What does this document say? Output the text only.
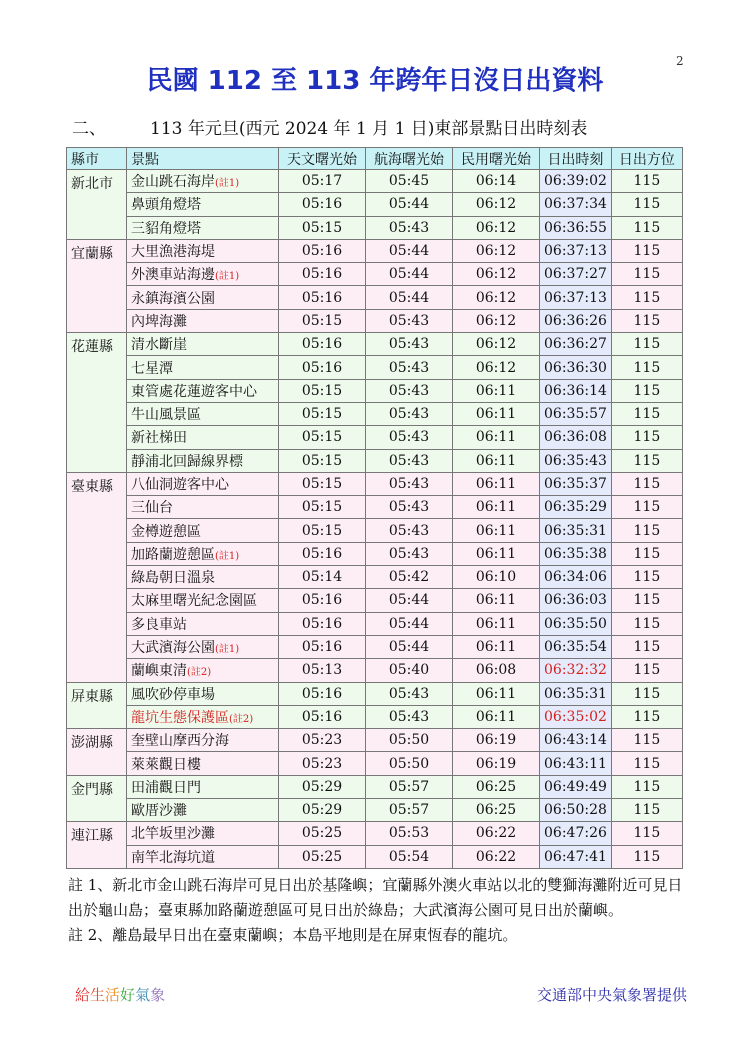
2
民國 112 至 113 年跨年日沒日出資料
二、	113 年元旦(西元 2024 年 1 月 1 日)東部景點日出時刻表
縣市	景點	天文曙光始	航海曙光始	民用曙光始	日出時刻	日出方位
新北市	金山跳石海岸(註1)	05:17	05:45	06:14	06:39:02	115
	鼻頭角燈塔	05:16	05:44	06:12	06:37:34	115
	三貂角燈塔	05:15	05:43	06:12	06:36:55	115
宜蘭縣	大里漁港海堤	05:16	05:44	06:12	06:37:13	115
	外澳車站海邊(註1)	05:16	05:44	06:12	06:37:27	115
	永鎮海濱公園	05:16	05:44	06:12	06:37:13	115
	內埤海灘	05:15	05:43	06:12	06:36:26	115
花蓮縣	清水斷崖	05:16	05:43	06:12	06:36:27	115
	七星潭	05:16	05:43	06:12	06:36:30	115
	東管處花蓮遊客中心	05:15	05:43	06:11	06:36:14	115
	牛山風景區	05:15	05:43	06:11	06:35:57	115
	新社梯田	05:15	05:43	06:11	06:36:08	115
	靜浦北回歸線界標	05:15	05:43	06:11	06:35:43	115
臺東縣	八仙洞遊客中心	05:15	05:43	06:11	06:35:37	115
	三仙台	05:15	05:43	06:11	06:35:29	115
	金樽遊憩區	05:15	05:43	06:11	06:35:31	115
	加路蘭遊憩區(註1)	05:16	05:43	06:11	06:35:38	115
	綠島朝日溫泉	05:14	05:42	06:10	06:34:06	115
	太麻里曙光紀念園區	05:16	05:44	06:11	06:36:03	115
	多良車站	05:16	05:44	06:11	06:35:50	115
	大武濱海公園(註1)	05:16	05:44	06:11	06:35:54	115
	蘭嶼東清(註2)	05:13	05:40	06:08	06:32:32	115
屏東縣	風吹砂停車場	05:16	05:43	06:11	06:35:31	115
	龍坑生態保護區(註2)	05:16	05:43	06:11	06:35:02	115
澎湖縣	奎壁山摩西分海	05:23	05:50	06:19	06:43:14	115
	萊萊觀日樓	05:23	05:50	06:19	06:43:11	115
金門縣	田浦觀日門	05:29	05:57	06:25	06:49:49	115
	歐厝沙灘	05:29	05:57	06:25	06:50:28	115
連江縣	北竿坂里沙灘	05:25	05:53	06:22	06:47:26	115
	南竿北海坑道	05:25	05:54	06:22	06:47:41	115
註 1、新北市金山跳石海岸可見日出於基隆嶼；宜蘭縣外澳火車站以北的雙獅海灘附近可見日出於龜山島；臺東縣加路蘭遊憩區可見日出於綠島；大武濱海公園可見日出於蘭嶼。
註 2、離島最早日出在臺東蘭嶼；本島平地則是在屏東恆春的龍坑。
給生活好氣象	交通部中央氣象署提供
